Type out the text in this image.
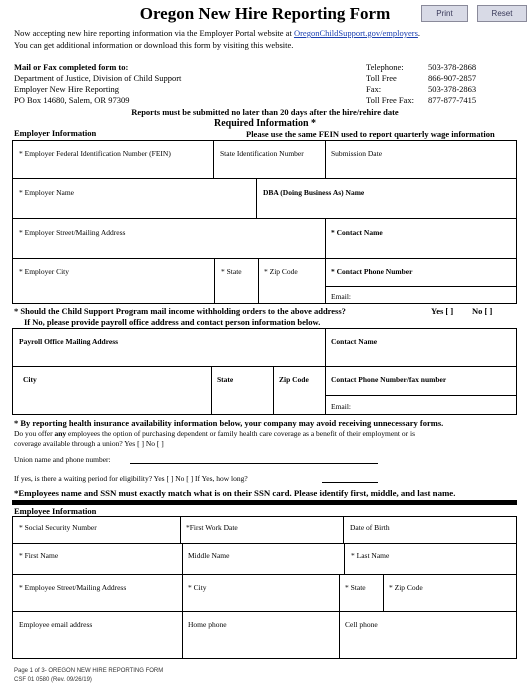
Oregon New Hire Reporting Form	Print	Reset
Now accepting new hire reporting information via the Employer Portal website at OregonChildSupport.gov/employers.
You can get additional information or download this form by visiting this website.
Mail or Fax completed form to:
Department of Justice, Division of Child Support
Employer New Hire Reporting
PO Box 14680, Salem, OR 97309
Telephone:	503-378-2868
Toll Free	866-907-2857
Fax:	503-378-2863
Toll Free Fax: 877-877-7415
Reports must be submitted no later than 20 days after the hire/rehire date
Required Information *
Employer Information	Please use the same FEIN used to report quarterly wage information
* Employer Federal Identification Number (FEIN)	State Identification Number	Submission Date
* Employer Name	DBA (Doing Business As) Name
* Employer Street/Mailing Address	* Contact Name
* Employer City	* State	* Zip Code	* Contact Phone Number
Email:
* Should the Child Support Program mail income withholding orders to the above address?	Yes [ ] No [ ]
If No, please provide payroll office address and contact person information below.
Payroll Office Mailing Address	Contact Name
City	State	Zip Code	Contact Phone Number/fax number
Email:
* By reporting health insurance availability information below, your company may avoid receiving unnecessary forms.
Do you offer any employees the option of purchasing dependent or family health care coverage as a benefit of their employment or is
coverage available through a union? Yes [ ] No [ ]
Union name and phone number:
If yes, is there a waiting period for eligibility? Yes [ ] No [ ] If Yes, how long?
*Employees name and SSN must exactly match what is on their SSN card. Please identify first, middle, and last name.
Employee Information
* Social Security Number	*First Work Date	Date of Birth
* First Name	Middle Name	* Last Name
* Employee Street/Mailing Address	* City	* State	* Zip Code
Employee email address	Home phone	Cell phone
Page 1 of 3- OREGON NEW HIRE REPORTING FORM
CSF 01 0580 (Rev. 09/26/19)
